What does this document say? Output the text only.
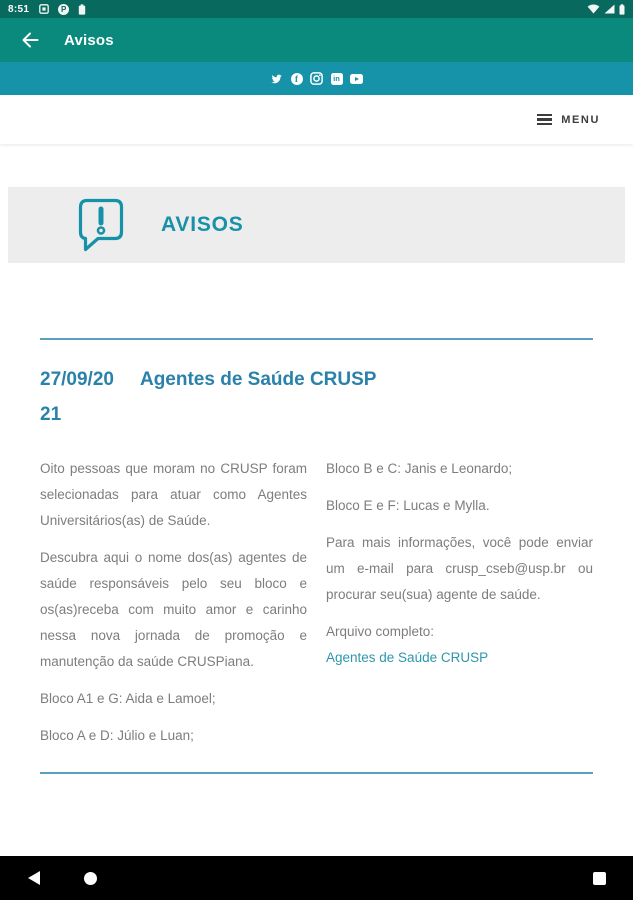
8:51	P
Avisos
f	in
MENU
AVISOS
27/09/20 Agentes de Saúde CRUSP
21

Oito pessoas que moram no CRUSP foram selecionadas para atuar como Agentes Universitários(as) de Saúde.

Descubra aqui o nome dos(as) agentes de saúde responsáveis pelo seu bloco e os(as)receba com muito amor e carinho nessa nova jornada de promoção e manutenção da saúde CRUSPiana.

Bloco A1 e G: Aida e Lamoel;

Bloco A e D: Júlio e Luan;

Bloco B e C: Janis e Leonardo;

Bloco E e F: Lucas e Mylla.

Para mais informações, você pode enviar um e-mail para crusp_cseb@usp.br ou procurar seu(sua) agente de saúde.

Arquivo completo:

Agentes de Saúde CRUSP
